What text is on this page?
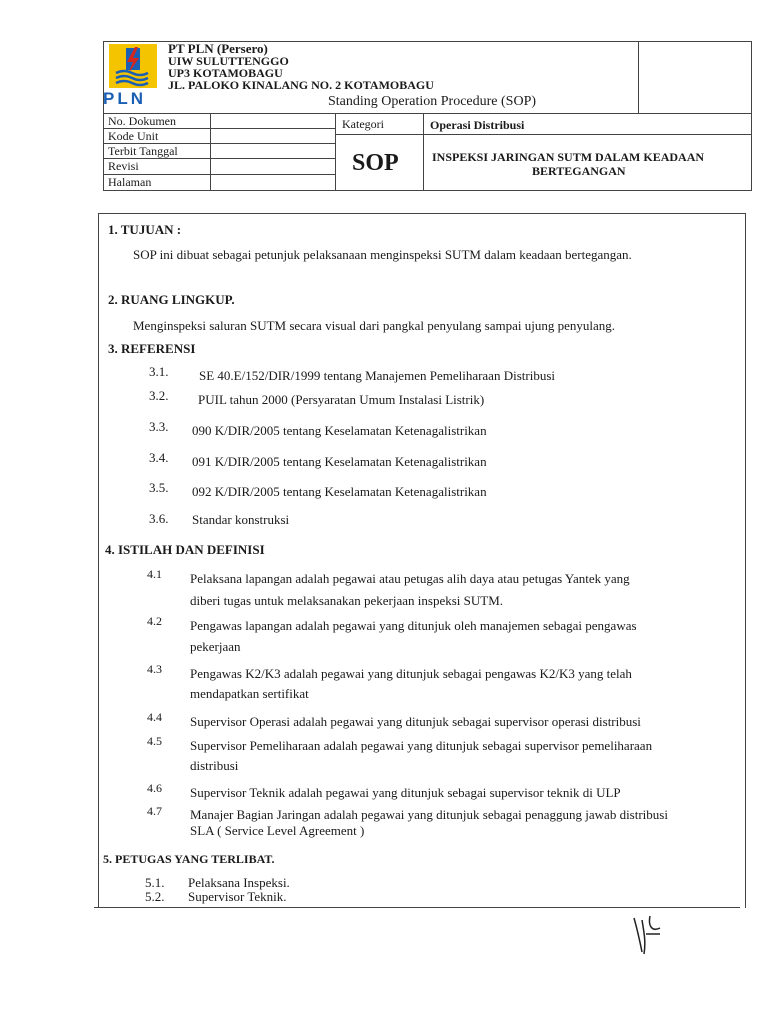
PLN
PT PLN (Persero)
UIW SULUTTENGGO
UP3 KOTAMOBAGU
JL. PALOKO KINALANG NO. 2 KOTAMOBAGU
Standing Operation Procedure (SOP)
No. Dokumen
Kode Unit
Terbit Tanggal
Revisi
Halaman
Kategori	Operasi Distribusi
SOP	INSPEKSI JARINGAN SUTM DALAM KEADAAN
BERTEGANGAN
1. TUJUAN :
SOP ini dibuat sebagai petunjuk pelaksanaan menginspeksi SUTM dalam keadaan bertegangan.
2. RUANG LINGKUP.
Menginspeksi saluran SUTM secara visual dari pangkal penyulang sampai ujung penyulang.
3. REFERENSI
3.1. SE 40.E/152/DIR/1999 tentang Manajemen Pemeliharaan Distribusi
3.2. PUIL tahun 2000 (Persyaratan Umum Instalasi Listrik)
3.3. 090 K/DIR/2005 tentang Keselamatan Ketenagalistrikan
3.4. 091 K/DIR/2005 tentang Keselamatan Ketenagalistrikan
3.5. 092 K/DIR/2005 tentang Keselamatan Ketenagalistrikan
3.6. Standar konstruksi
4. ISTILAH DAN DEFINISI
4.1 Pelaksana lapangan adalah pegawai atau petugas alih daya atau petugas Yantek yang
diberi tugas untuk melaksanakan pekerjaan inspeksi SUTM.
4.2 Pengawas lapangan adalah pegawai yang ditunjuk oleh manajemen sebagai pengawas
pekerjaan
4.3 Pengawas K2/K3 adalah pegawai yang ditunjuk sebagai pengawas K2/K3 yang telah
mendapatkan sertifikat
4.4 Supervisor Operasi adalah pegawai yang ditunjuk sebagai supervisor operasi distribusi
4.5 Supervisor Pemeliharaan adalah pegawai yang ditunjuk sebagai supervisor pemeliharaan
distribusi
4.6 Supervisor Teknik adalah pegawai yang ditunjuk sebagai supervisor teknik di ULP
4.7 Manajer Bagian Jaringan adalah pegawai yang ditunjuk sebagai penaggung jawab distribusi
SLA ( Service Level Agreement )
5. PETUGAS YANG TERLIBAT.
5.1. Pelaksana Inspeksi.
5.2. Supervisor Teknik.
